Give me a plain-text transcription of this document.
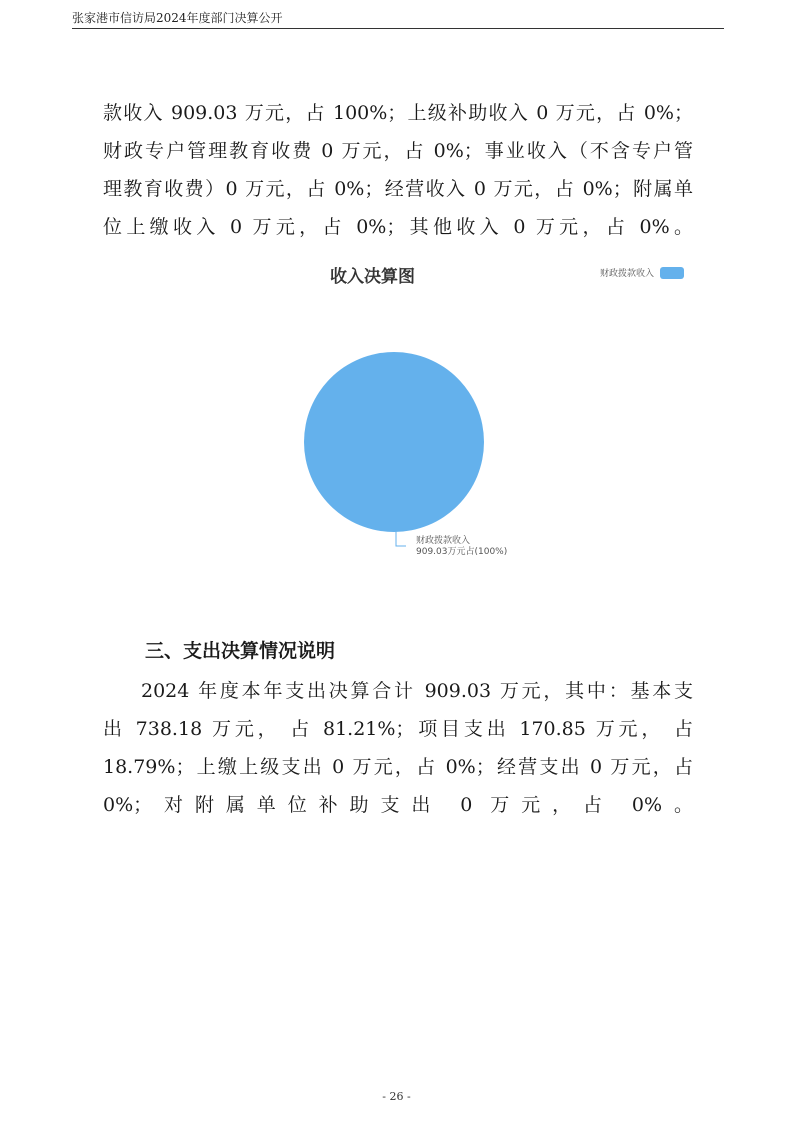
张家港市信访局2024年度部门决算公开
款收入 909.03 万元，占 100%；上级补助收入 0 万元，占 0%；
财政专户管理教育收费 0 万元，占 0%；事业收入（不含专户管
理教育收费）0 万元，占 0%；经营收入 0 万元，占 0%；附属单
位上缴收入 0 万元，占 0%；其他收入 0 万元，占 0%。
收入决算图	财政拨款收入
财政拨款收入
909.03万元占(100%)
三、支出决算情况说明
2024 年度本年支出决算合计 909.03 万元，其中：基本支
出 738.18 万元， 占 81.21%；项目支出 170.85 万元， 占
18.79%；上缴上级支出 0 万元，占 0%；经营支出 0 万元，占
0%；对附属单位补助支出 0 万元，占 0%。
- 26 -
